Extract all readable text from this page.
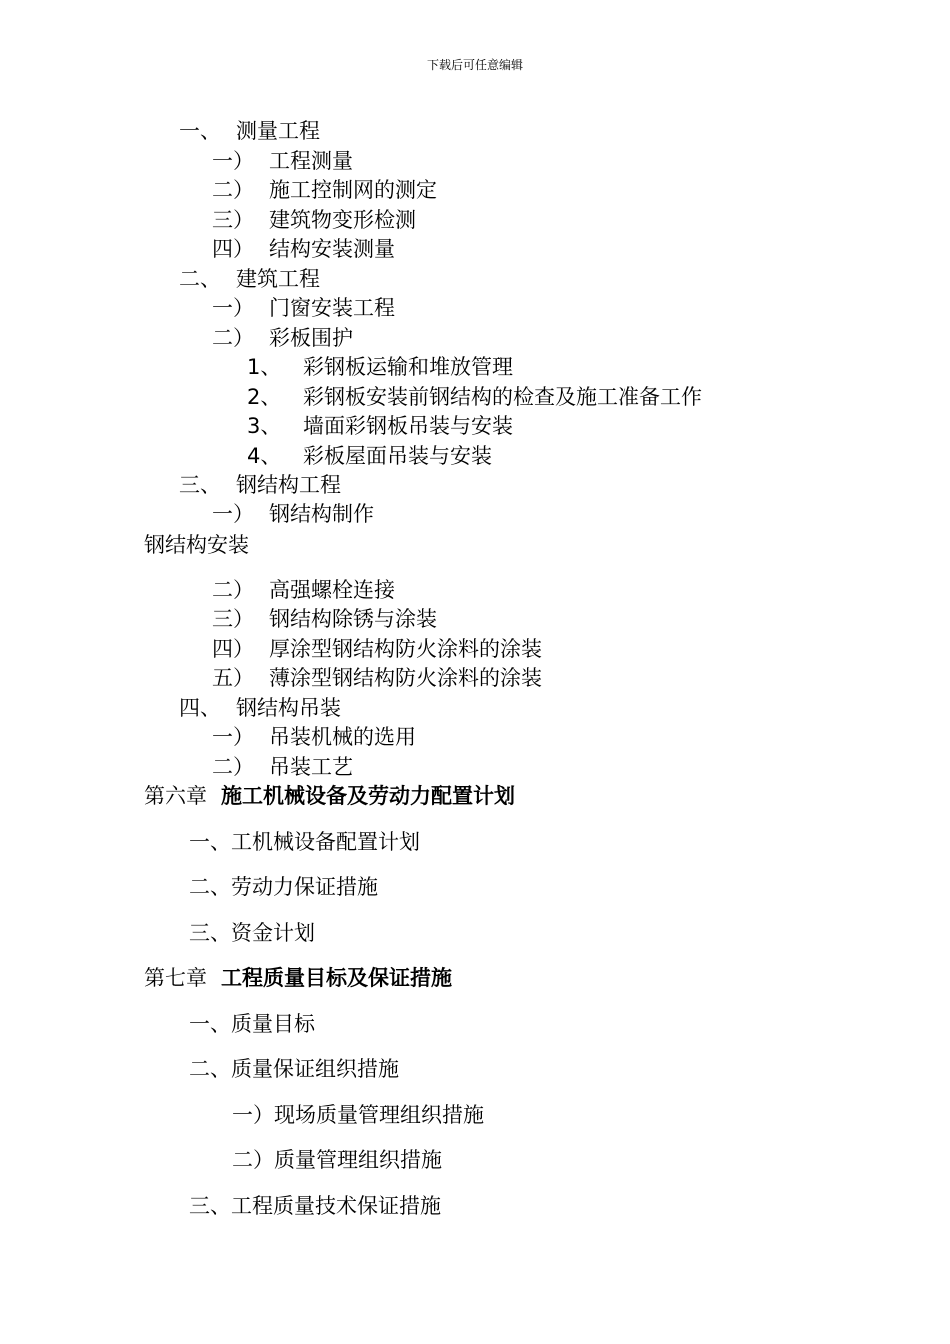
下载后可任意编辑
一、 测量工程
一） 工程测量
二） 施工控制网的测定
三） 建筑物变形检测
四） 结构安装测量
二、 建筑工程
一） 门窗安装工程
二） 彩板围护
1、 彩钢板运输和堆放管理
2、 彩钢板安装前钢结构的检查及施工准备工作
3、 墙面彩钢板吊装与安装
4、 彩板屋面吊装与安装
三、 钢结构工程
一） 钢结构制作
钢结构安装
二） 高强螺栓连接
三） 钢结构除锈与涂装
四） 厚涂型钢结构防火涂料的涂装
五） 薄涂型钢结构防火涂料的涂装
四、 钢结构吊装
一） 吊装机械的选用
二） 吊装工艺
第六章 施工机械设备及劳动力配置计划
一、工机械设备配置计划
二、劳动力保证措施
三、资金计划
第七章 工程质量目标及保证措施
一、质量目标
二、质量保证组织措施
一）现场质量管理组织措施
二）质量管理组织措施
三、工程质量技术保证措施
